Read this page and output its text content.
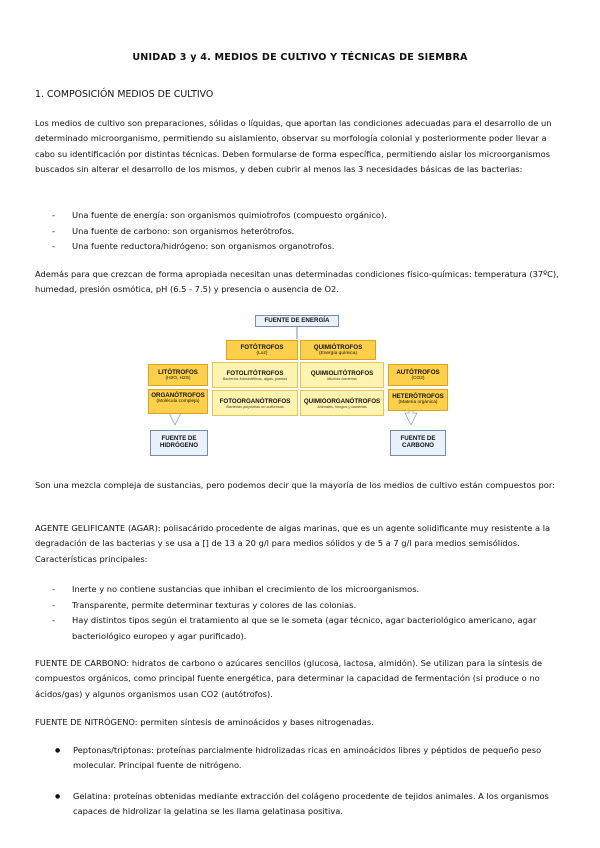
UNIDAD 3 y 4. MEDIOS DE CULTIVO Y TÉCNICAS DE SIEMBRA
1. COMPOSICIÓN MEDIOS DE CULTIVO

Los medios de cultivo son preparaciones, sólidas o líquidas, que aportan las condiciones adecuadas para el desarrollo de un determinado microorganismo, permitiendo su aislamiento, observar su morfología colonial y posteriormente poder llevar a cabo su identificación por distintas técnicas. Deben formularse de forma específica, permitiendo aislar los microorganismos buscados sin alterar el desarrollo de los mismos, y deben cubrir al menos las 3 necesidades básicas de las bacterias:

- Una fuente de energía: son organismos quimiotrofos (compuesto orgánico).
- Una fuente de carbono: son organismos heterótrofos.
- Una fuente reductora/hidrógeno: son organismos organotrofos.

Además para que crezcan de forma apropiada necesitan unas determinadas condiciones físico-químicas: temperatura (37ºC), humedad, presión osmótica, pH (6.5 - 7.5) y presencia o ausencia de O2.

FUENTE DE ENERGÍA
FOTÓTROFOS
(Luz)
QUIMIÓTROFOS
(Energía química)
LITÓTROFOS
(H2O, H2S)
ORGANÓTROFOS
(Molécula compleja)
FOTOLITÓTROFOS
Bacterias fotosintéticas, algas, plantas
QUIMIOLITÓTROFOS
Muchas bacterias
FOTOORGANÓTROFOS
Bacterias purpúreas no sulfurosas
QUIMIOORGANÓTROFOS
Animales, hongos y bacterias
AUTÓTROFOS
(CO2)
HETERÓTROFOS
(Materia orgánica)
FUENTE DE HIDRÓGENO
FUENTE DE CARBONO

Son una mezcla compleja de sustancias, pero podemos decir que la mayoría de los medios de cultivo están compuestos por:

AGENTE GELIFICANTE (AGAR): polisacárido procedente de algas marinas, que es un agente solidificante muy resistente a la degradación de las bacterias y se usa a [] de 13 a 20 g/l para medios sólidos y de 5 a 7 g/l para medios semisólidos. Características principales:

- Inerte y no contiene sustancias que inhiban el crecimiento de los microorganismos.
- Transparente, permite determinar texturas y colores de las colonias.
- Hay distintos tipos según el tratamiento al que se le someta (agar técnico, agar bacteriológico americano, agar bacteriológico europeo y agar purificado).

FUENTE DE CARBONO: hidratos de carbono o azúcares sencillos (glucosa, lactosa, almidón). Se utilizan para la síntesis de compuestos orgánicos, como principal fuente energética, para determinar la capacidad de fermentación (si produce o no ácidos/gas) y algunos organismos usan CO2 (autótrofos).

FUENTE DE NITRÓGENO: permiten síntesis de aminoácidos y bases nitrogenadas.

● Peptonas/triptonas: proteínas parcialmente hidrolizadas ricas en aminoácidos libres y péptidos de pequeño peso molecular. Principal fuente de nitrógeno.
● Gelatina: proteínas obtenidas mediante extracción del colágeno procedente de tejidos animales. A los organismos capaces de hidrolizar la gelatina se les llama gelatinasa positiva.
